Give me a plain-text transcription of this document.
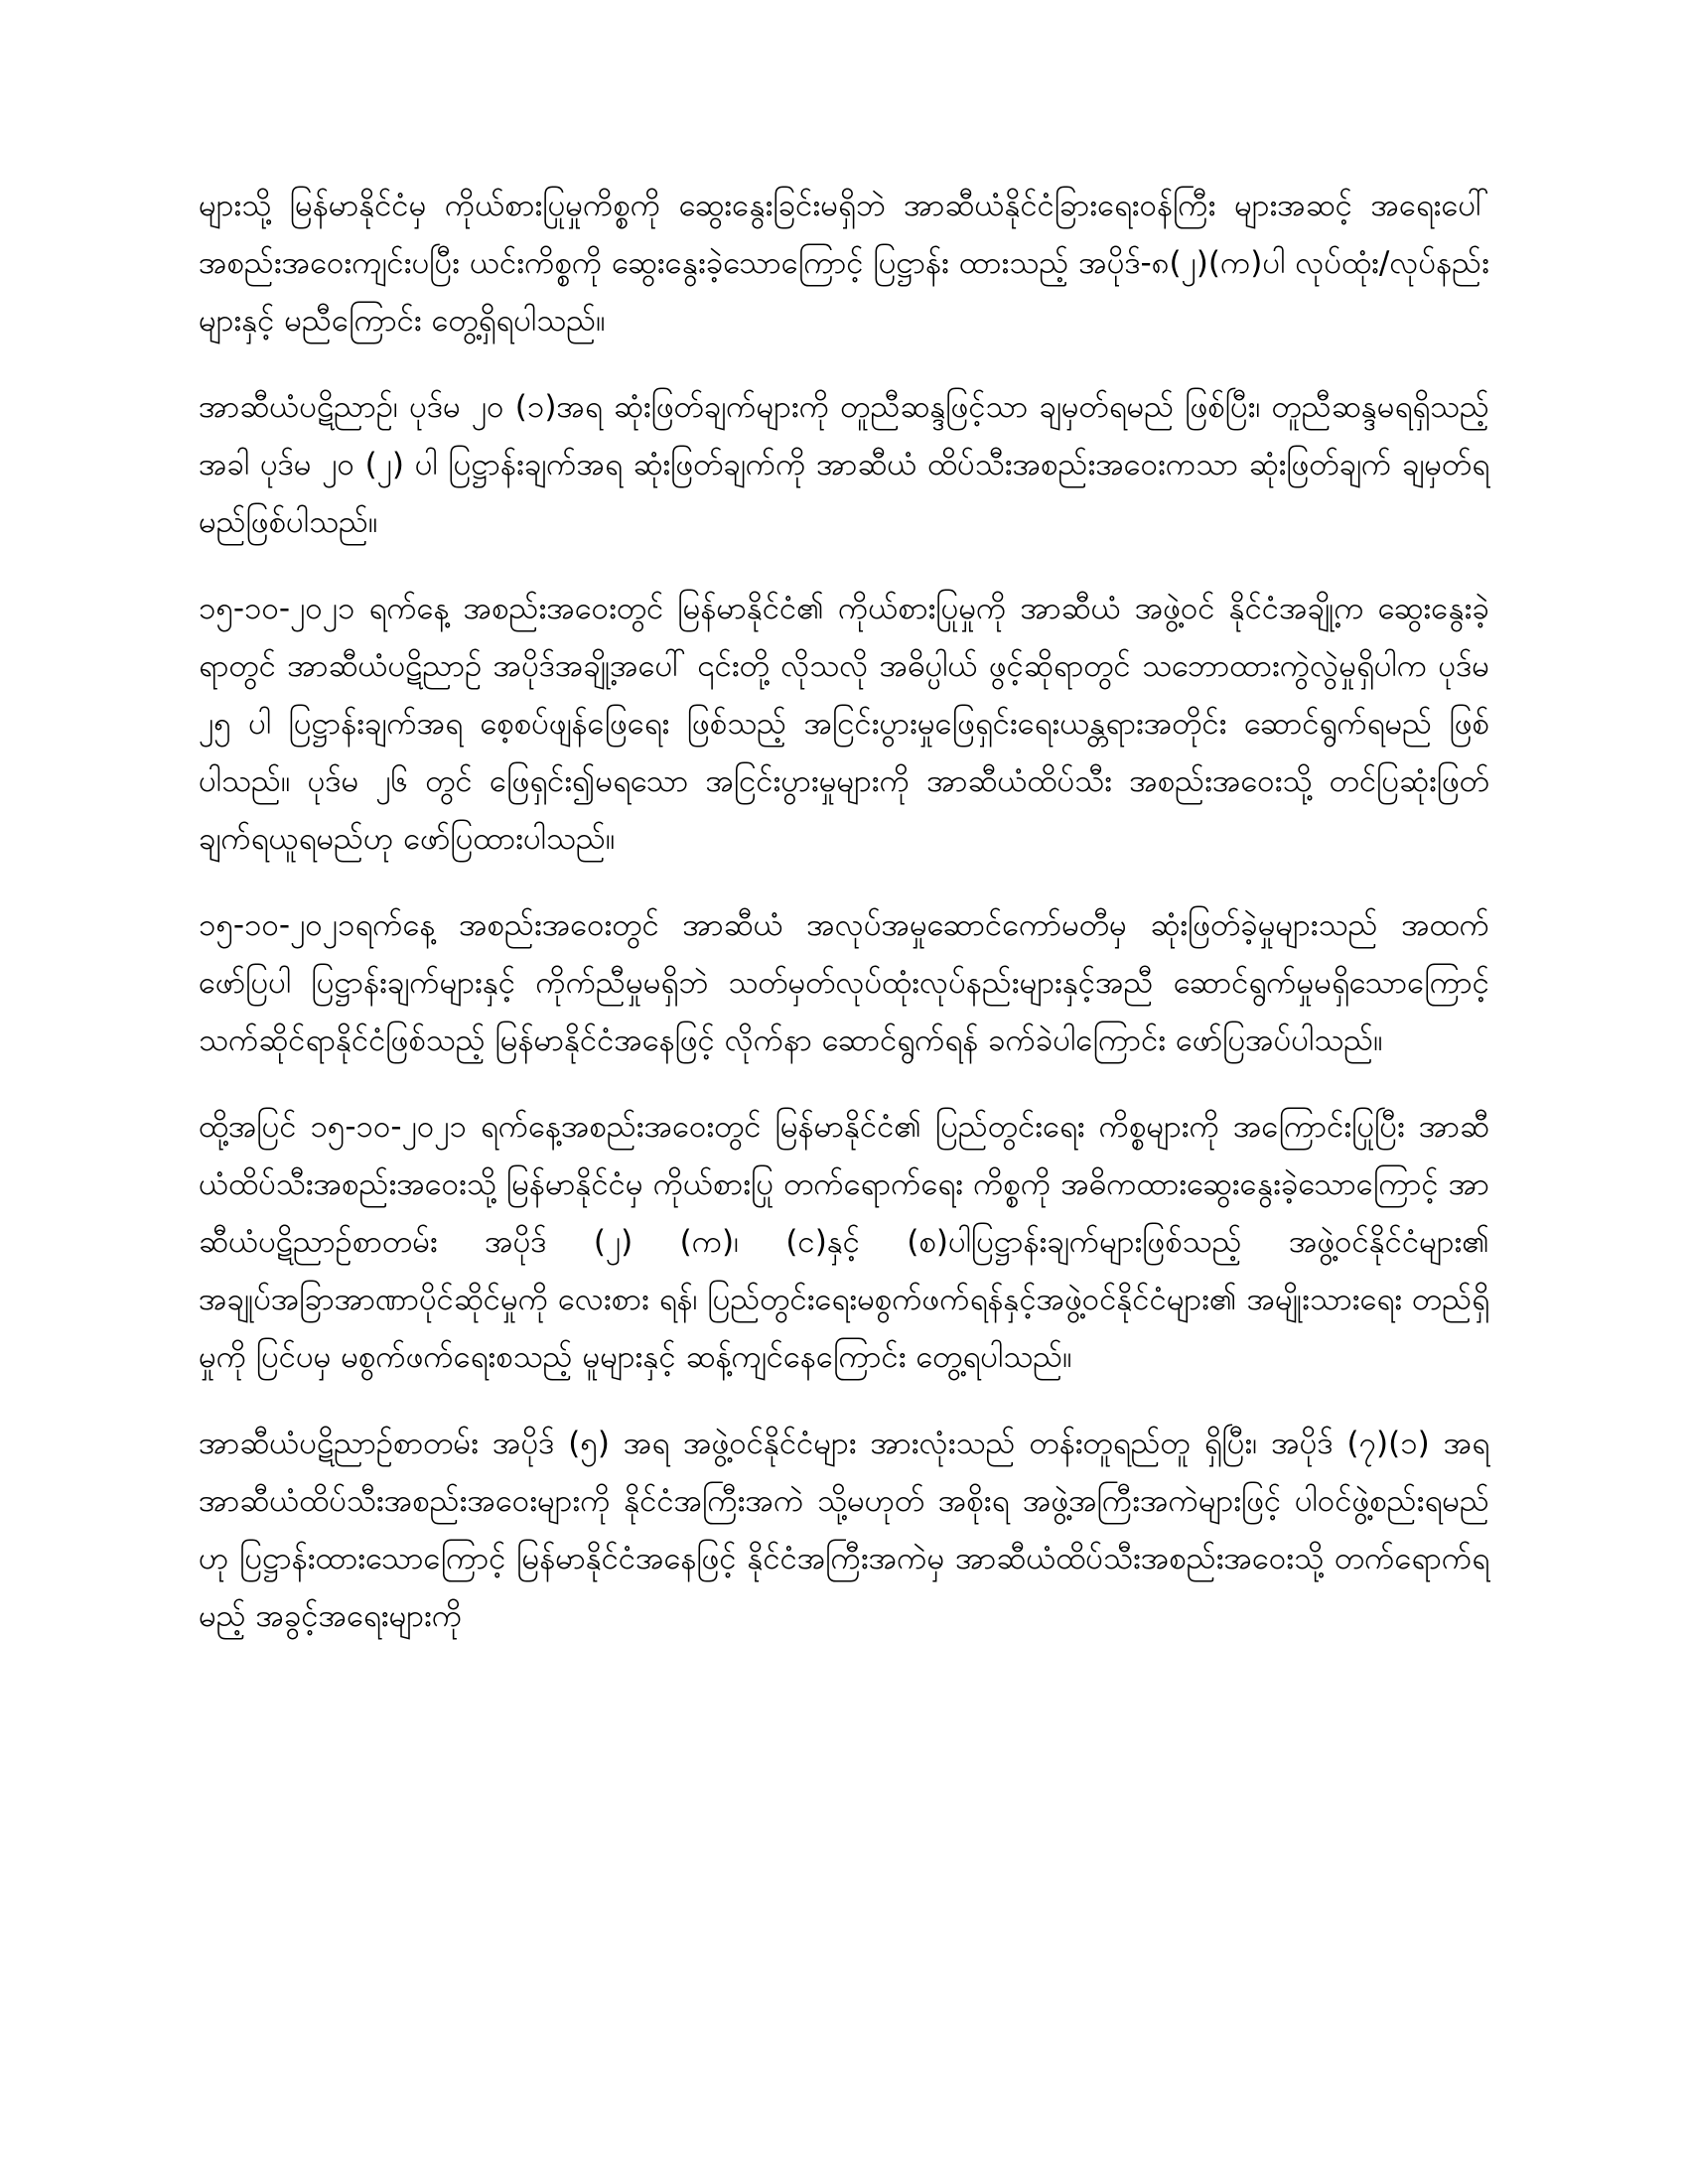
များသို့ မြန်မာနိုင်ငံမှ ကိုယ်စားပြုမှုကိစ္စကို ဆွေးနွေးခြင်းမရှိဘဲ အာဆီယံနိုင်ငံခြားရေးဝန်ကြီး များအဆင့် အရေးပေါ်အစည်းအဝေးကျင်းပပြီး ယင်းကိစ္စကို ဆွေးနွေးခဲ့သောကြောင့် ပြဋ္ဌာန်း ထားသည့် အပိုဒ်-၈(၂)(က)ပါ လုပ်ထုံး/လုပ်နည်းများနှင့် မညီကြောင်း တွေ့ရှိရပါသည်။

အာဆီယံပဋိညာဉ်၊ ပုဒ်မ ၂၀ (၁)အရ ဆုံးဖြတ်ချက်များကို တူညီဆန္ဒဖြင့်သာ ချမှတ်ရမည် ဖြစ်ပြီး၊ တူညီဆန္ဒမရရှိသည့်အခါ ပုဒ်မ ၂၀ (၂) ပါ ပြဋ္ဌာန်းချက်အရ ဆုံးဖြတ်ချက်ကို အာဆီယံ ထိပ်သီးအစည်းအဝေးကသာ ဆုံးဖြတ်ချက် ချမှတ်ရမည်ဖြစ်ပါသည်။

၁၅-၁၀-၂၀၂၁ ရက်နေ့ အစည်းအဝေးတွင် မြန်မာနိုင်ငံ၏ ကိုယ်စားပြုမှုကို အာဆီယံ အဖွဲ့ဝင် နိုင်ငံအချို့က ဆွေးနွေးခဲ့ရာတွင် အာဆီယံပဋိညာဉ် အပိုဒ်အချို့အပေါ် ၎င်းတို့ လိုသလို အဓိပ္ပါယ် ဖွင့်ဆိုရာတွင် သဘောထားကွဲလွဲမှုရှိပါက ပုဒ်မ ၂၅ ပါ ပြဋ္ဌာန်းချက်အရ စေ့စပ်ဖျန်ဖြေရေး ဖြစ်သည့် အငြင်းပွားမှုဖြေရှင်းရေးယန္တရားအတိုင်း ဆောင်ရွက်ရမည် ဖြစ်ပါသည်။ ပုဒ်မ ၂၆ တွင် ဖြေရှင်း၍မရသော အငြင်းပွားမှုများကို အာဆီယံထိပ်သီး အစည်းအဝေးသို့ တင်ပြဆုံးဖြတ် ချက်ရယူရမည်ဟု ဖော်ပြထားပါသည်။

၁၅-၁၀-၂၀၂၁ရက်နေ့ အစည်းအဝေးတွင် အာဆီယံ အလုပ်အမှုဆောင်ကော်မတီမှ ဆုံးဖြတ်ခဲ့မှုများသည် အထက်ဖော်ပြပါ ပြဋ္ဌာန်းချက်များနှင့် ကိုက်ညီမှုမရှိဘဲ သတ်မှတ်လုပ်ထုံးလုပ်နည်းများနှင့်အညီ ဆောင်ရွက်မှုမရှိသောကြောင့် သက်ဆိုင်ရာနိုင်ငံဖြစ်သည့် မြန်မာနိုင်ငံအနေဖြင့် လိုက်နာ ဆောင်ရွက်ရန် ခက်ခဲပါကြောင်း ဖော်ပြအပ်ပါသည်။

ထို့အပြင် ၁၅-၁၀-၂၀၂၁ ရက်နေ့အစည်းအဝေးတွင် မြန်မာနိုင်ငံ၏ ပြည်တွင်းရေး ကိစ္စများကို အကြောင်းပြုပြီး အာဆီယံထိပ်သီးအစည်းအဝေးသို့ မြန်မာနိုင်ငံမှ ကိုယ်စားပြု တက်ရောက်ရေး ကိစ္စကို အဓိကထားဆွေးနွေးခဲ့သောကြောင့် အာဆီယံပဋိညာဉ်စာတမ်း အပိုဒ် (၂) (က)၊ (င)နှင့် (စ)ပါပြဋ္ဌာန်းချက်များဖြစ်သည့် အဖွဲ့ဝင်နိုင်ငံများ၏ အချုပ်အခြာအာဏာပိုင်ဆိုင်မှုကို လေးစား ရန်၊ ပြည်တွင်းရေးမစွက်ဖက်ရန်နှင့်အဖွဲ့ဝင်နိုင်ငံများ၏ အမျိုးသားရေး တည်ရှိမှုကို ပြင်ပမှ မစွက်ဖက်ရေးစသည့် မူများနှင့် ဆန့်ကျင်နေကြောင်း တွေ့ရပါသည်။

အာဆီယံပဋိညာဉ်စာတမ်း အပိုဒ် (၅) အရ အဖွဲ့ဝင်နိုင်ငံများ အားလုံးသည် တန်းတူရည်တူ ရှိပြီး၊ အပိုဒ် (၇)(၁) အရ အာဆီယံထိပ်သီးအစည်းအဝေးများကို နိုင်ငံအကြီးအကဲ သို့မဟုတ် အစိုးရ အဖွဲ့အကြီးအကဲများဖြင့် ပါဝင်ဖွဲ့စည်းရမည်ဟု ပြဋ္ဌာန်းထားသောကြောင့် မြန်မာနိုင်ငံအနေဖြင့် နိုင်ငံအကြီးအကဲမှ အာဆီယံထိပ်သီးအစည်းအဝေးသို့ တက်ရောက်ရမည့် အခွင့်အရေးများကို
